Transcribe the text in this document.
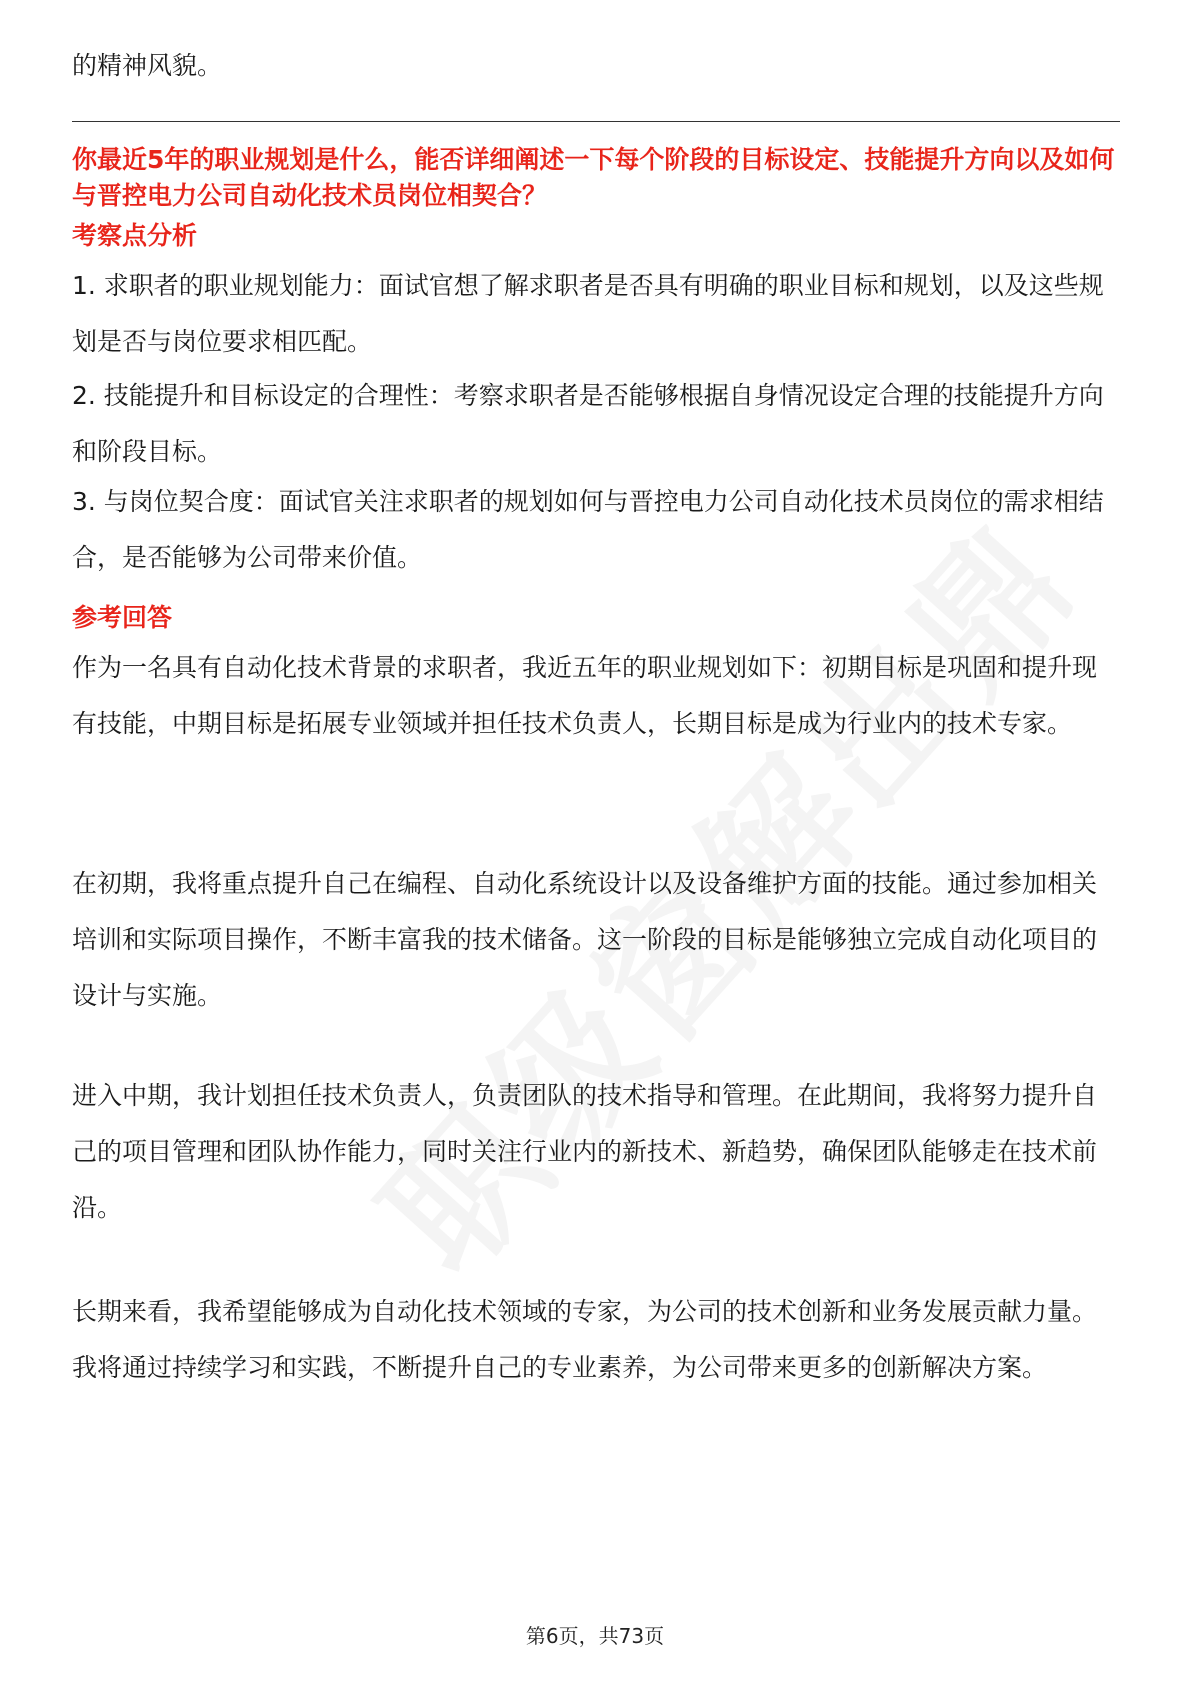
的精神风貌。
你最近5年的职业规划是什么，能否详细阐述一下每个阶段的目标设定、技能提升方向以及如何与晋控电力公司自动化技术员岗位相契合？
考察点分析
1. 求职者的职业规划能力：面试官想了解求职者是否具有明确的职业目标和规划，以及这些规划是否与岗位要求相匹配。
2. 技能提升和目标设定的合理性：考察求职者是否能够根据自身情况设定合理的技能提升方向和阶段目标。
3. 与岗位契合度：面试官关注求职者的规划如何与晋控电力公司自动化技术员岗位的需求相结合，是否能够为公司带来价值。
参考回答
作为一名具有自动化技术背景的求职者，我近五年的职业规划如下：初期目标是巩固和提升现有技能，中期目标是拓展专业领域并担任技术负责人，长期目标是成为行业内的技术专家。
在初期，我将重点提升自己在编程、自动化系统设计以及设备维护方面的技能。通过参加相关培训和实际项目操作，不断丰富我的技术储备。这一阶段的目标是能够独立完成自动化项目的设计与实施。
进入中期，我计划担任技术负责人，负责团队的技术指导和管理。在此期间，我将努力提升自己的项目管理和团队协作能力，同时关注行业内的新技术、新趋势，确保团队能够走在技术前沿。
长期来看，我希望能够成为自动化技术领域的专家，为公司的技术创新和业务发展贡献力量。我将通过持续学习和实践，不断提升自己的专业素养，为公司带来更多的创新解决方案。
第6页，共73页
